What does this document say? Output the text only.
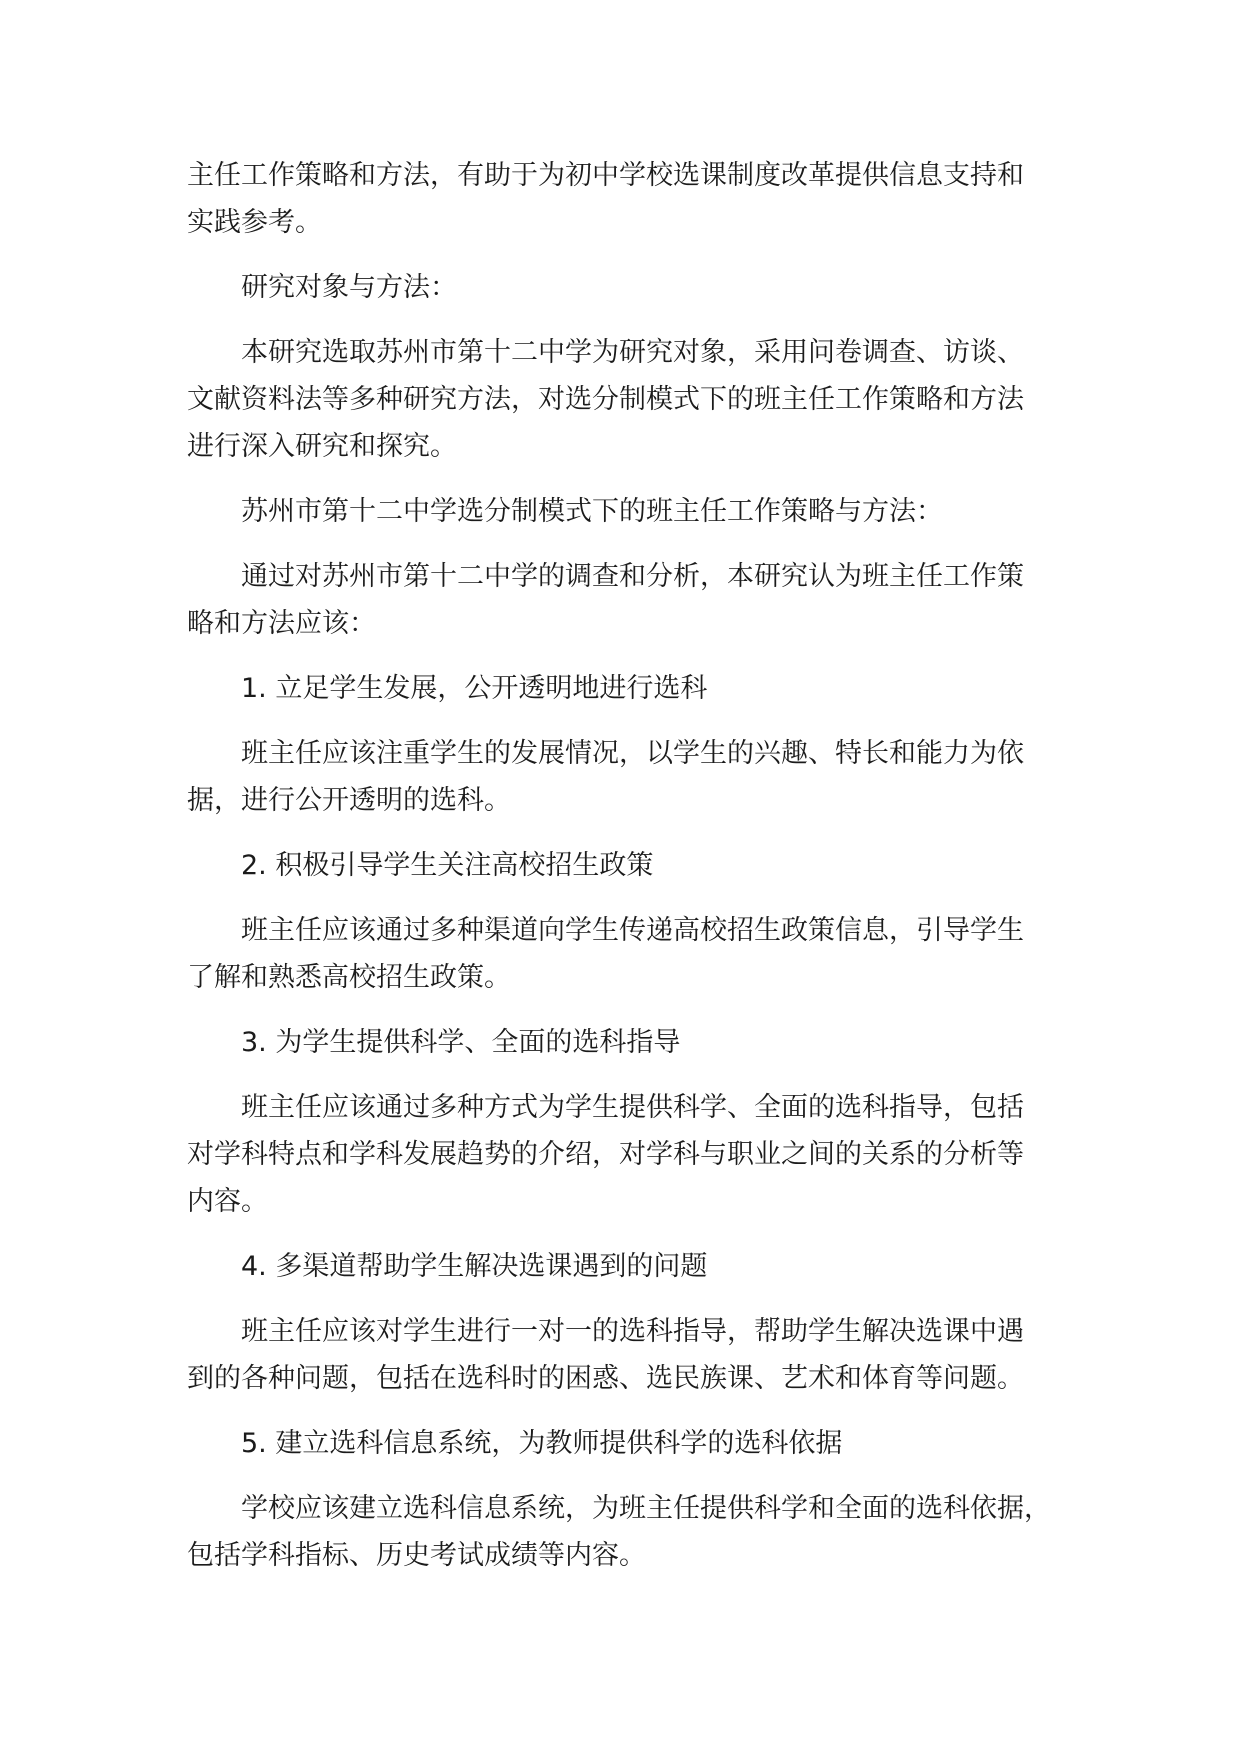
主任工作策略和方法，有助于为初中学校选课制度改革提供信息支持和
实践参考。
研究对象与方法：
本研究选取苏州市第十二中学为研究对象，采用问卷调查、访谈、
文献资料法等多种研究方法，对选分制模式下的班主任工作策略和方法
进行深入研究和探究。
苏州市第十二中学选分制模式下的班主任工作策略与方法：
通过对苏州市第十二中学的调查和分析，本研究认为班主任工作策
略和方法应该：
1. 立足学生发展，公开透明地进行选科
班主任应该注重学生的发展情况，以学生的兴趣、特长和能力为依
据，进行公开透明的选科。
2. 积极引导学生关注高校招生政策
班主任应该通过多种渠道向学生传递高校招生政策信息，引导学生
了解和熟悉高校招生政策。
3. 为学生提供科学、全面的选科指导
班主任应该通过多种方式为学生提供科学、全面的选科指导，包括
对学科特点和学科发展趋势的介绍，对学科与职业之间的关系的分析等
内容。
4. 多渠道帮助学生解决选课遇到的问题
班主任应该对学生进行一对一的选科指导，帮助学生解决选课中遇
到的各种问题，包括在选科时的困惑、选民族课、艺术和体育等问题。
5. 建立选科信息系统，为教师提供科学的选科依据
学校应该建立选科信息系统，为班主任提供科学和全面的选科依据，
包括学科指标、历史考试成绩等内容。
